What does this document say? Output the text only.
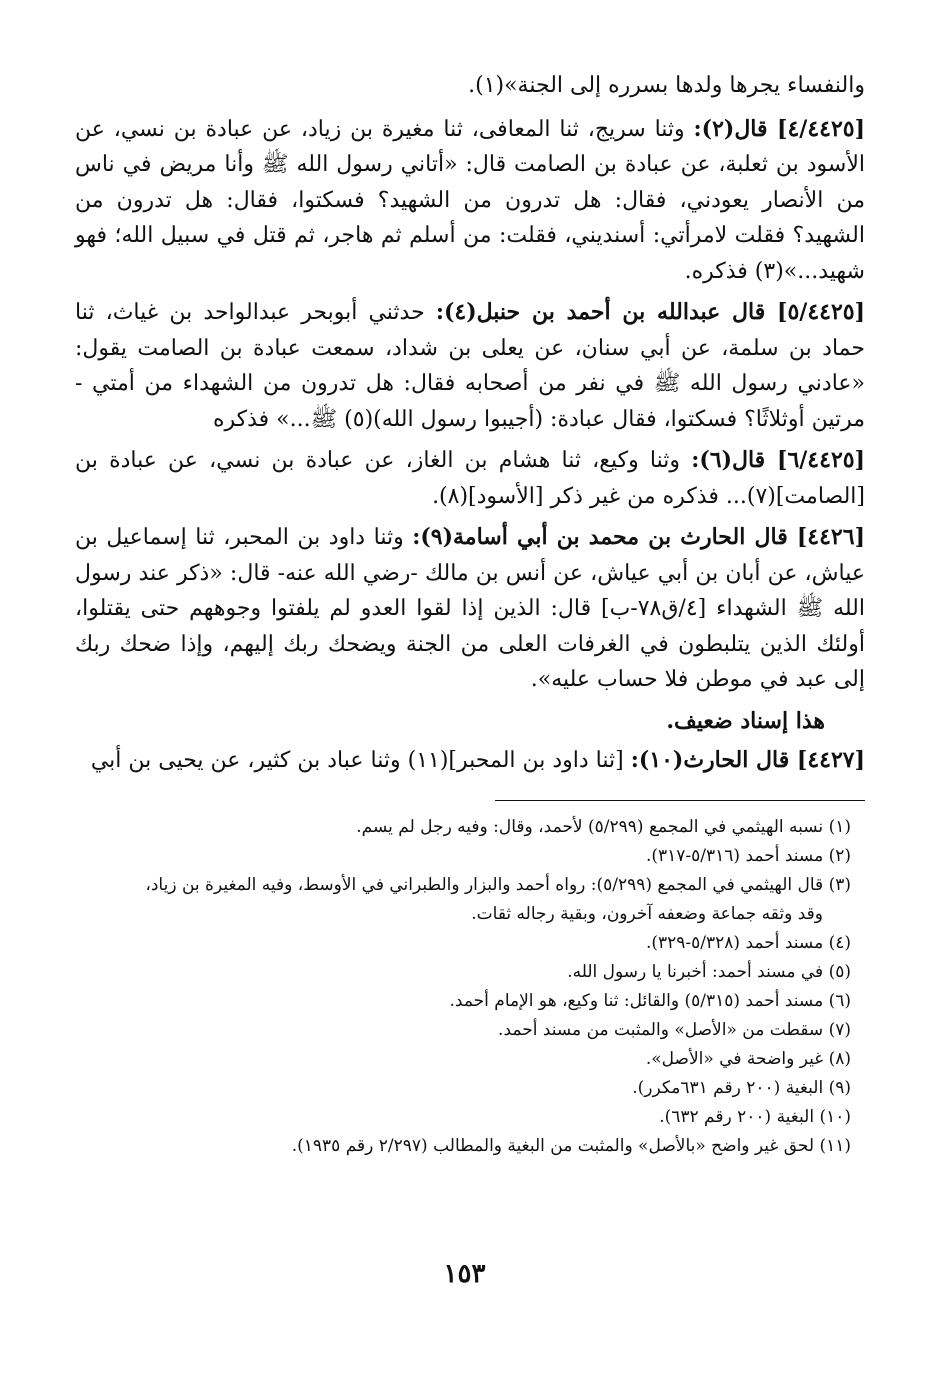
والنفساء يجرها ولدها بسرره إلى الجنة»(١).

[٤/٤٤٢٥] قال(٢): وثنا سريج، ثنا المعافى، ثنا مغيرة بن زياد، عن عبادة بن نسي، عن الأسود بن ثعلبة، عن عبادة بن الصامت قال: «أتاني رسول الله ﷺ وأنا مريض في ناس من الأنصار يعودني، فقال: هل تدرون من الشهيد؟ فسكتوا، فقال: هل تدرون من الشهيد؟ فقلت لامرأتي: أسنديني، فقلت: من أسلم ثم هاجر، ثم قتل في سبيل الله؛ فهو شهيد...»(٣) فذكره.

[٥/٤٤٢٥] قال عبدالله بن أحمد بن حنبل(٤): حدثني أبوبحر عبدالواحد بن غياث، ثنا حماد بن سلمة، عن أبي سنان، عن يعلى بن شداد، سمعت عبادة بن الصامت يقول: «عادني رسول الله ﷺ في نفر من أصحابه فقال: هل تدرون من الشهداء من أمتي - مرتين أوثلاثًا؟ فسكتوا، فقال عبادة: (أجيبوا رسول الله)(٥) ﷺ...» فذكره

[٦/٤٤٢٥] قال(٦): وثنا وكيع، ثنا هشام بن الغاز، عن عبادة بن نسي، عن عبادة بن [الصامت](٧)... فذكره من غير ذكر [الأسود](٨).

[٤٤٢٦] قال الحارث بن محمد بن أبي أسامة(٩): وثنا داود بن المحبر، ثنا إسماعيل بن عياش، عن أبان بن أبي عياش، عن أنس بن مالك -رضي الله عنه- قال: «ذكر عند رسول الله ﷺ الشهداء [٤/ق٧٨-ب] قال: الذين إذا لقوا العدو لم يلفتوا وجوههم حتى يقتلوا، أولئك الذين يتلبطون في الغرفات العلى من الجنة ويضحك ربك إليهم، وإذا ضحك ربك إلى عبد في موطن فلا حساب عليه».

هذا إسناد ضعيف.

[٤٤٢٧] قال الحارث(١٠): [ثنا داود بن المحبر](١١) وثنا عباد بن كثير، عن يحيى بن أبي

(١) نسبه الهيثمي في المجمع (٥/٢٩٩) لأحمد، وقال: وفيه رجل لم يسم.

(٢) مسند أحمد (٥/٣١٦-٣١٧).

(٣) قال الهيثمي في المجمع (٥/٢٩٩): رواه أحمد والبزار والطبراني في الأوسط، وفيه المغيرة بن زياد،

وقد وثقه جماعة وضعفه آخرون، وبقية رجاله ثقات.

(٤) مسند أحمد (٥/٣٢٨-٣٢٩).

(٥) في مسند أحمد: أخبرنا يا رسول الله.

(٦) مسند أحمد (٥/٣١٥) والقائل: ثنا وكيع، هو الإمام أحمد.

(٧) سقطت من «الأصل» والمثبت من مسند أحمد.

(٨) غير واضحة في «الأصل».

(٩) البغية (٢٠٠ رقم ٦٣١مكرر).

(١٠) البغية (٢٠٠ رقم ٦٣٢).

(١١) لحق غير واضح «بالأصل» والمثبت من البغية والمطالب (٢/٢٩٧ رقم ١٩٣٥).

١٥٣
